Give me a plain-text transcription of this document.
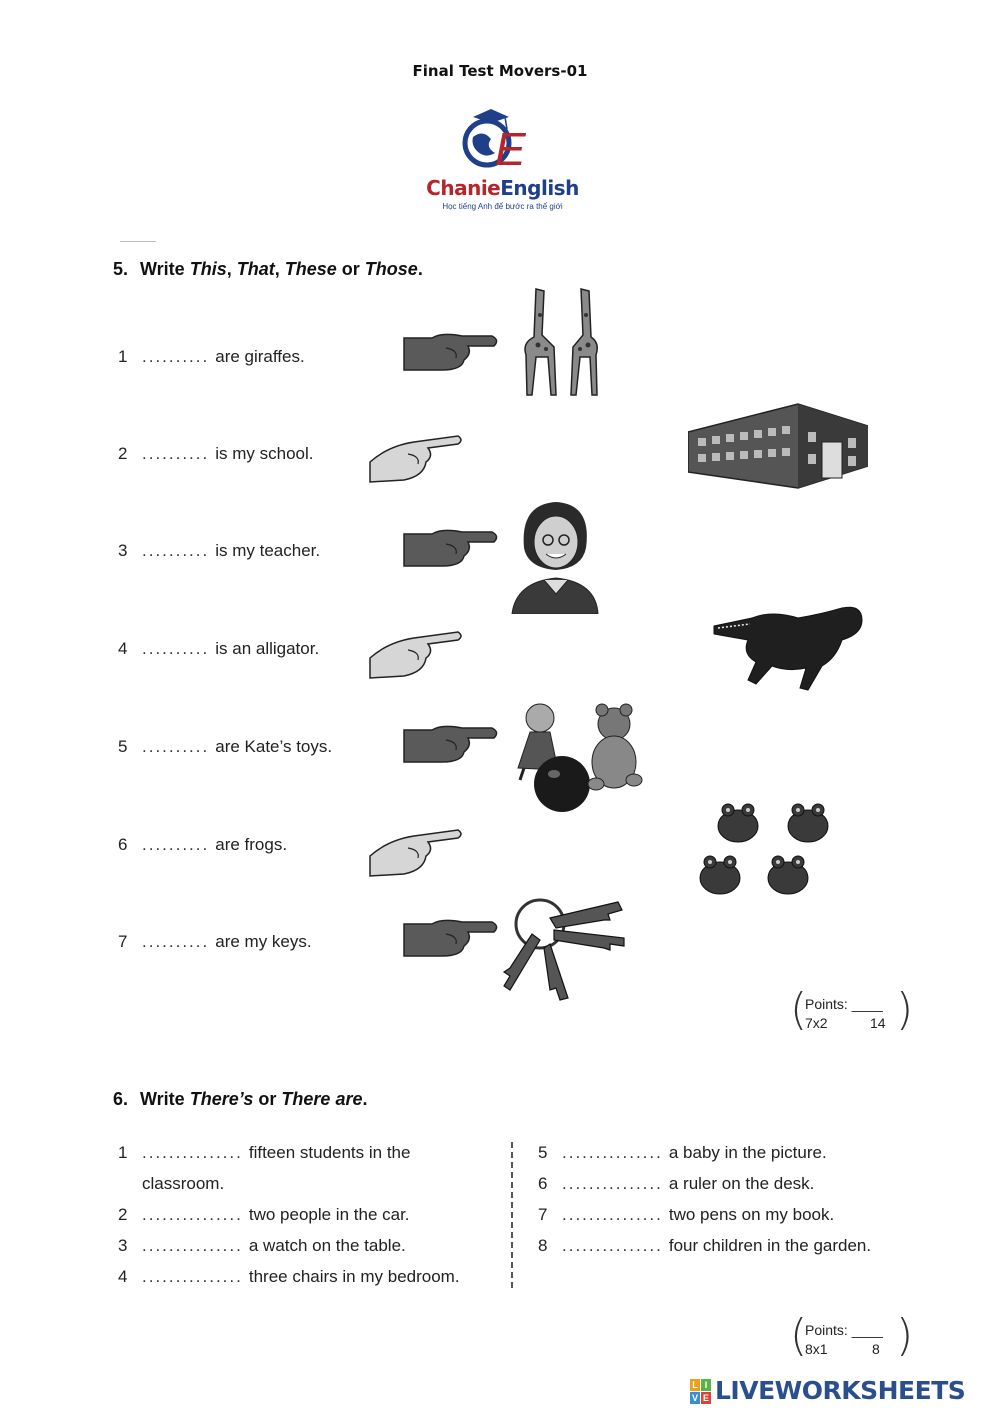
Final Test Movers-01
E
ChanieEnglish
Học tiếng Anh để bước ra thế giới
5. Write This, That, These or Those.
1 .......... are giraffes.
2 .......... is my school.
3 .......... is my teacher.
4 .......... is an alligator.
5 .......... are Kate’s toys.
6 .......... are frogs.
7 .......... are my keys.
( )
Points: ____
7x2	14
6. Write There’s or There are.
1 ............... fifteen students in the
classroom.
2 ............... two people in the car.
3 ............... a watch on the table.
4 ............... three chairs in my bedroom.
5 ............... a baby in the picture.
6 ............... a ruler on the desk.
7 ............... two pens on my book.
8 ............... four children in the garden.
( )
Points: ____
8x1	8
L I
V E LIVEWORKSHEETS
